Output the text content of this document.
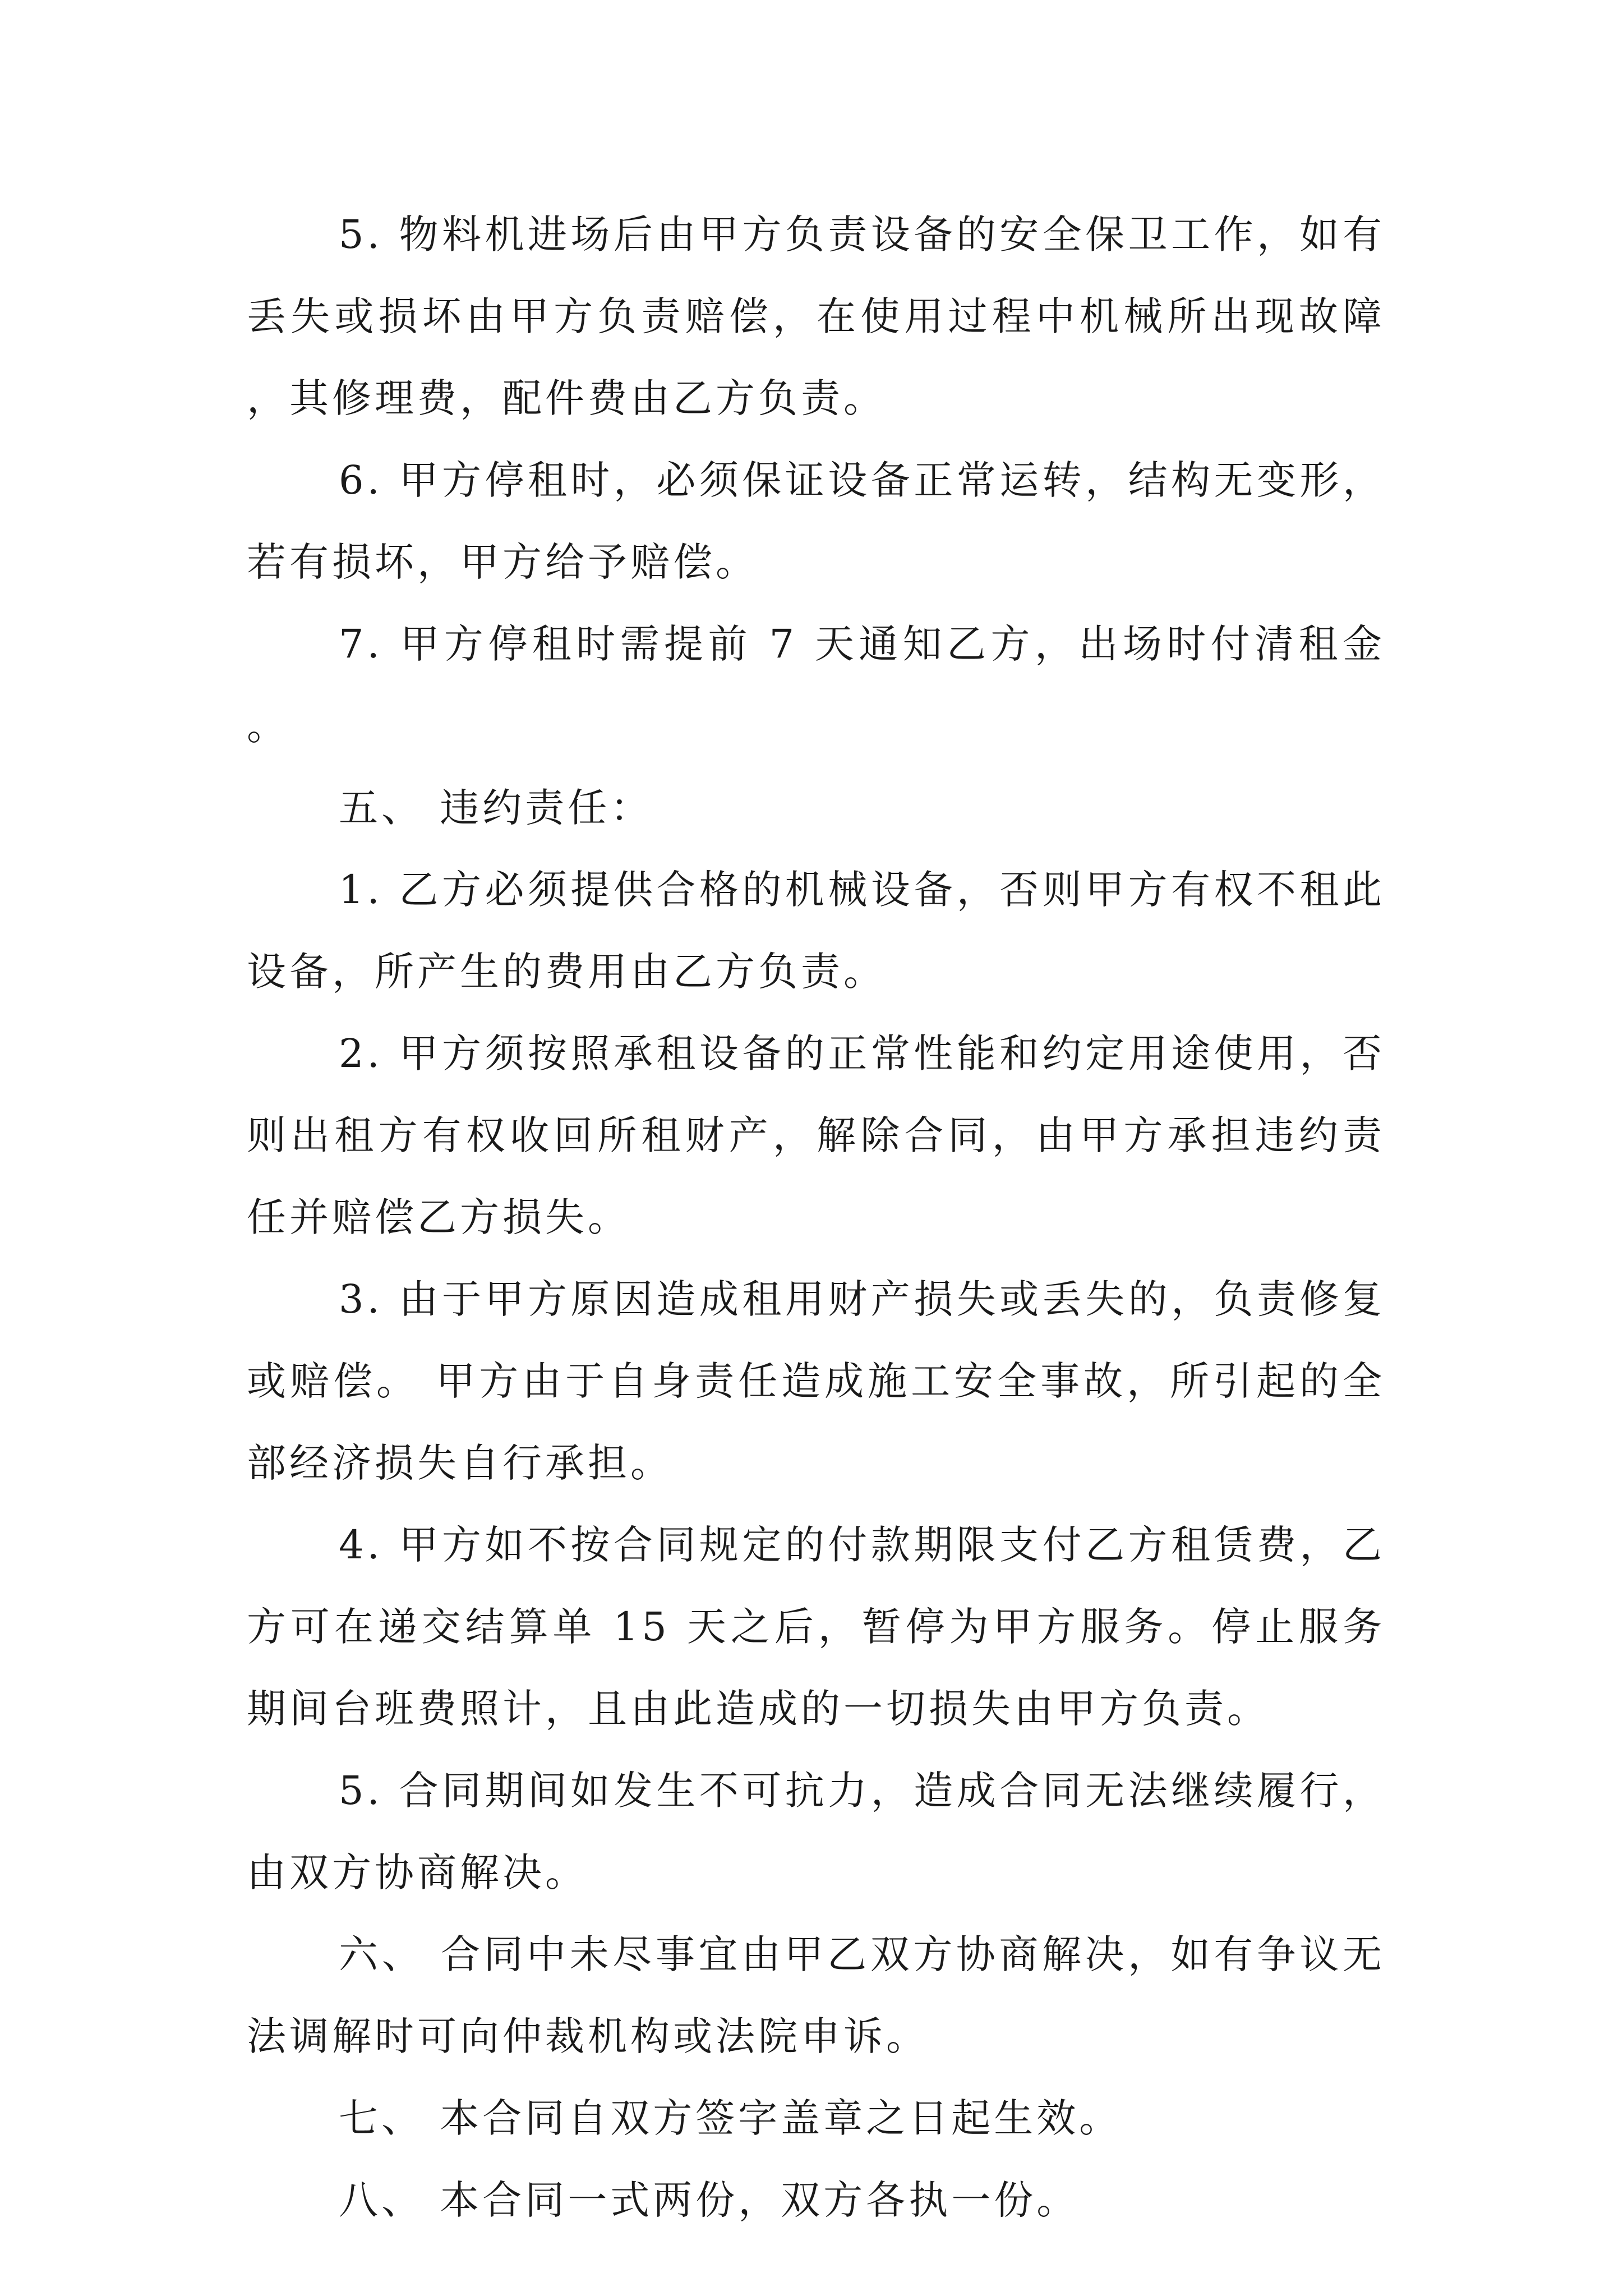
5. 物料机进场后由甲方负责设备的安全保卫工作，如有丢失或损坏由甲方负责赔偿，在使用过程中机械所出现故障，其修理费，配件费由乙方负责。

6. 甲方停租时，必须保证设备正常运转，结构无变形，若有损坏，甲方给予赔偿。

7. 甲方停租时需提前 7 天通知乙方，出场时付清租金。

五、 违约责任：

1. 乙方必须提供合格的机械设备，否则甲方有权不租此设备，所产生的费用由乙方负责。

2. 甲方须按照承租设备的正常性能和约定用途使用，否则出租方有权收回所租财产，解除合同，由甲方承担违约责任并赔偿乙方损失。

3. 由于甲方原因造成租用财产损失或丢失的，负责修复或赔偿。 甲方由于自身责任造成施工安全事故，所引起的全部经济损失自行承担。

4. 甲方如不按合同规定的付款期限支付乙方租赁费，乙方可在递交结算单 15 天之后，暂停为甲方服务。停止服务期间台班费照计，且由此造成的一切损失由甲方负责。

5. 合同期间如发生不可抗力，造成合同无法继续履行，由双方协商解决。

六、 合同中未尽事宜由甲乙双方协商解决，如有争议无法调解时可向仲裁机构或法院申诉。

七、 本合同自双方签字盖章之日起生效。

八、 本合同一式两份，双方各执一份。
